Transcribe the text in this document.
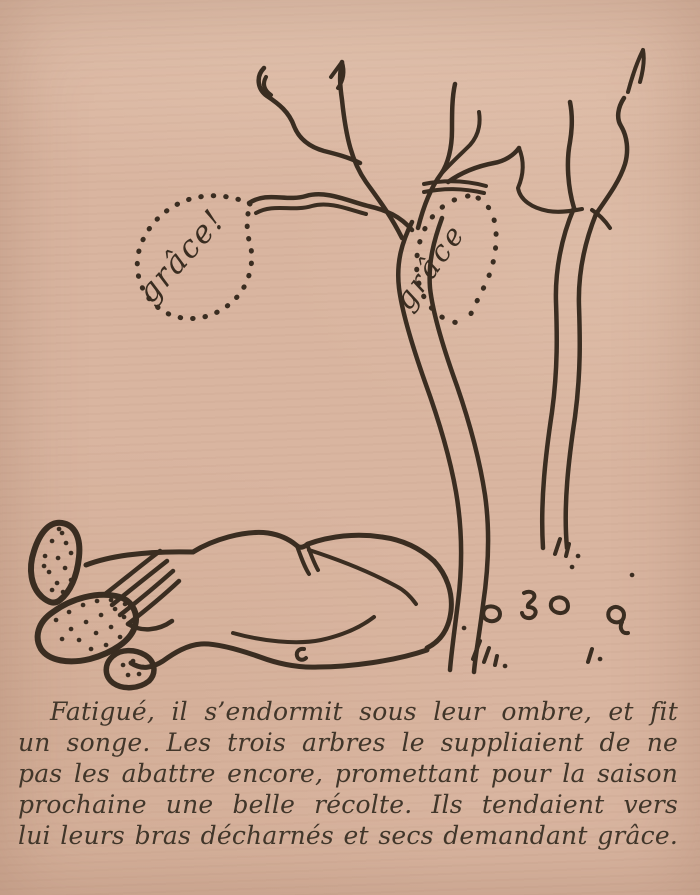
grâce!	grâce
Fatigué, il s’endormit sous leur ombre, et fit
un songe. Les trois arbres le suppliaient de ne
pas les abattre encore, promettant pour la saison
prochaine une belle récolte. Ils tendaient vers
lui leurs bras décharnés et secs demandant grâce.
